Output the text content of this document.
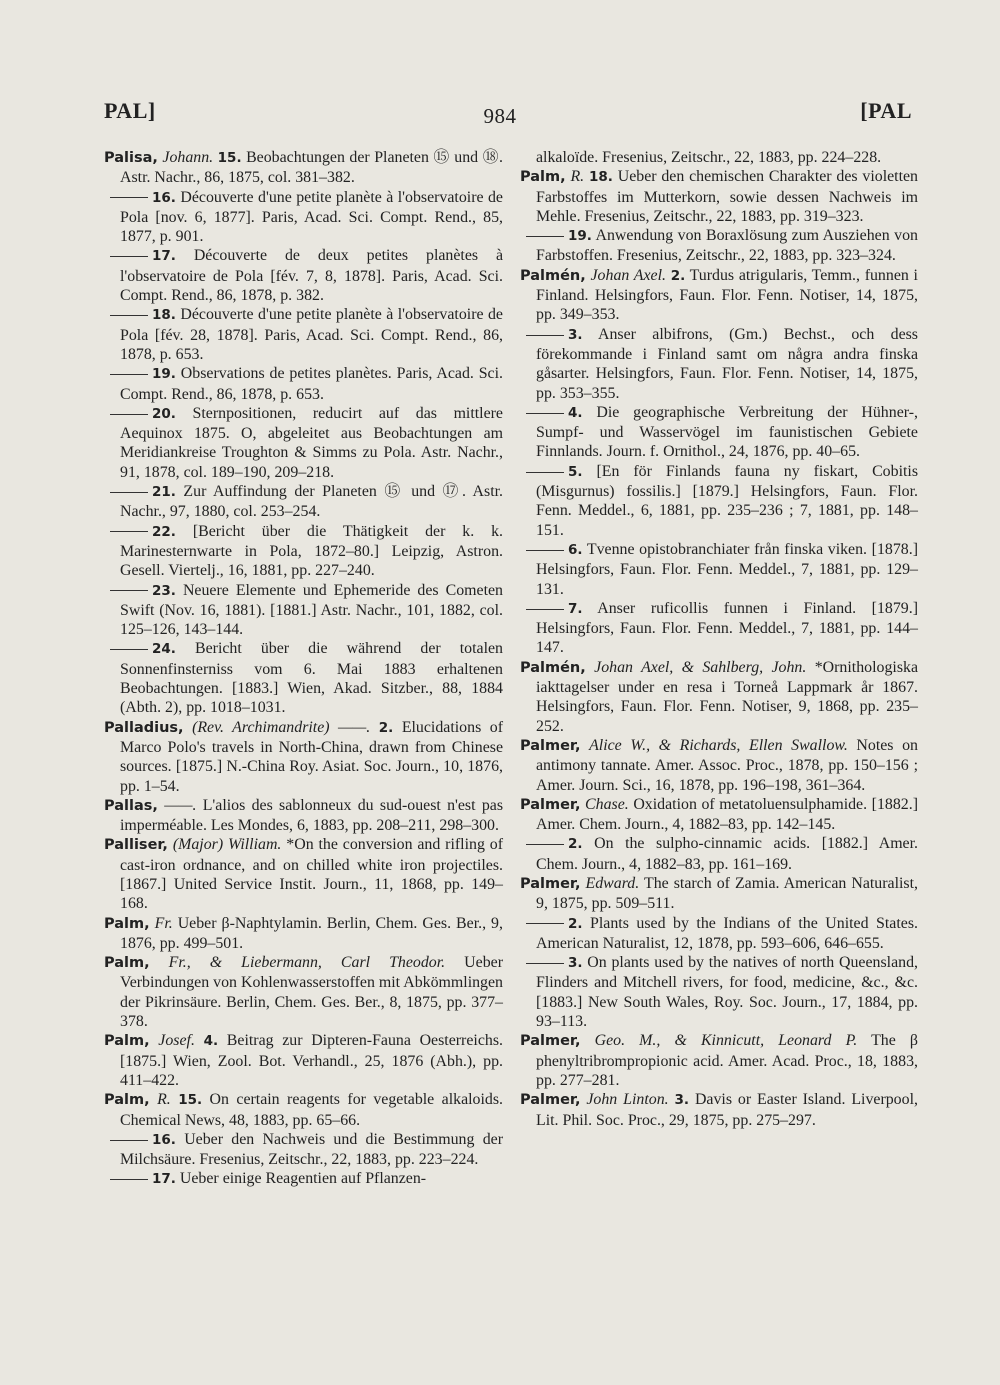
PAL]	984	[PAL

Palisa, Johann. 15. Beobachtungen der Planeten ⑮ und ⑱. Astr. Nachr., 86, 1875, col. 381–382.

16. Découverte d'une petite planète à l'observatoire de Pola [nov. 6, 1877]. Paris, Acad. Sci. Compt. Rend., 85, 1877, p. 901.

17. Découverte de deux petites planètes à l'observatoire de Pola [fév. 7, 8, 1878]. Paris, Acad. Sci. Compt. Rend., 86, 1878, p. 382.

18. Découverte d'une petite planète à l'observatoire de Pola [fév. 28, 1878]. Paris, Acad. Sci. Compt. Rend., 86, 1878, p. 653.

19. Observations de petites planètes. Paris, Acad. Sci. Compt. Rend., 86, 1878, p. 653.

20. Sternpositionen, reducirt auf das mittlere Aequinox 1875. O, abgeleitet aus Beobachtungen am Meridiankreise Troughton & Simms zu Pola. Astr. Nachr., 91, 1878, col. 189–190, 209–218.

21. Zur Auffindung der Planeten ⑮ und ⑰. Astr. Nachr., 97, 1880, col. 253–254.

22. [Bericht über die Thätigkeit der k. k. Marinesternwarte in Pola, 1872–80.] Leipzig, Astron. Gesell. Viertelj., 16, 1881, pp. 227–240.

23. Neuere Elemente und Ephemeride des Cometen Swift (Nov. 16, 1881). [1881.] Astr. Nachr., 101, 1882, col. 125–126, 143–144.

24. Bericht über die während der totalen Sonnenfinsterniss vom 6. Mai 1883 erhaltenen Beobachtungen. [1883.] Wien, Akad. Sitzber., 88, 1884 (Abth. 2), pp. 1018–1031.

Palladius, (Rev. Archimandrite) ——. 2. Elucidations of Marco Polo's travels in North-China, drawn from Chinese sources. [1875.] N.-China Roy. Asiat. Soc. Journ., 10, 1876, pp. 1–54.

Pallas, ——. L'alios des sablonneux du sud-ouest n'est pas imperméable. Les Mondes, 6, 1883, pp. 208–211, 298–300.

Palliser, (Major) William. *On the conversion and rifling of cast-iron ordnance, and on chilled white iron projectiles. [1867.] United Service Instit. Journ., 11, 1868, pp. 149–168.

Palm, Fr. Ueber β-Naphtylamin. Berlin, Chem. Ges. Ber., 9, 1876, pp. 499–501.

Palm, Fr., & Liebermann, Carl Theodor. Ueber Verbindungen von Kohlenwasserstoffen mit Abkömmlingen der Pikrinsäure. Berlin, Chem. Ges. Ber., 8, 1875, pp. 377–378.

Palm, Josef. 4. Beitrag zur Dipteren-Fauna Oesterreichs. [1875.] Wien, Zool. Bot. Verhandl., 25, 1876 (Abh.), pp. 411–422.

Palm, R. 15. On certain reagents for vegetable alkaloids. Chemical News, 48, 1883, pp. 65–66.

16. Ueber den Nachweis und die Bestimmung der Milchsäure. Fresenius, Zeitschr., 22, 1883, pp. 223–224.

17. Ueber einige Reagentien auf Pflanzen-

alkaloïde. Fresenius, Zeitschr., 22, 1883, pp. 224–228.

Palm, R. 18. Ueber den chemischen Charakter des violetten Farbstoffes im Mutterkorn, sowie dessen Nachweis im Mehle. Fresenius, Zeitschr., 22, 1883, pp. 319–323.

19. Anwendung von Boraxlösung zum Ausziehen von Farbstoffen. Fresenius, Zeitschr., 22, 1883, pp. 323–324.

Palmén, Johan Axel. 2. Turdus atrigularis, Temm., funnen i Finland. Helsingfors, Faun. Flor. Fenn. Notiser, 14, 1875, pp. 349–353.

3. Anser albifrons, (Gm.) Bechst., och dess förekommande i Finland samt om några andra finska gåsarter. Helsingfors, Faun. Flor. Fenn. Notiser, 14, 1875, pp. 353–355.

4. Die geographische Verbreitung der Hühner-, Sumpf- und Wasservögel im faunistischen Gebiete Finnlands. Journ. f. Ornithol., 24, 1876, pp. 40–65.

5. [En för Finlands fauna ny fiskart, Cobitis (Misgurnus) fossilis.] [1879.] Helsingfors, Faun. Flor. Fenn. Meddel., 6, 1881, pp. 235–236 ; 7, 1881, pp. 148–151.

6. Tvenne opistobranchiater från finska viken. [1878.] Helsingfors, Faun. Flor. Fenn. Meddel., 7, 1881, pp. 129–131.

7. Anser ruficollis funnen i Finland. [1879.] Helsingfors, Faun. Flor. Fenn. Meddel., 7, 1881, pp. 144–147.

Palmén, Johan Axel, & Sahlberg, John. *Ornithologiska iakttagelser under en resa i Torneå Lappmark år 1867. Helsingfors, Faun. Flor. Fenn. Notiser, 9, 1868, pp. 235–252.

Palmer, Alice W., & Richards, Ellen Swallow. Notes on antimony tannate. Amer. Assoc. Proc., 1878, pp. 150–156 ; Amer. Journ. Sci., 16, 1878, pp. 196–198, 361–364.

Palmer, Chase. Oxidation of metatoluensulphamide. [1882.] Amer. Chem. Journ., 4, 1882–83, pp. 142–145.

2. On the sulpho-cinnamic acids. [1882.] Amer. Chem. Journ., 4, 1882–83, pp. 161–169.

Palmer, Edward. The starch of Zamia. American Naturalist, 9, 1875, pp. 509–511.

2. Plants used by the Indians of the United States. American Naturalist, 12, 1878, pp. 593–606, 646–655.

3. On plants used by the natives of north Queensland, Flinders and Mitchell rivers, for food, medicine, &c., &c. [1883.] New South Wales, Roy. Soc. Journ., 17, 1884, pp. 93–113.

Palmer, Geo. M., & Kinnicutt, Leonard P. The β phenyltribrompropionic acid. Amer. Acad. Proc., 18, 1883, pp. 277–281.

Palmer, John Linton. 3. Davis or Easter Island. Liverpool, Lit. Phil. Soc. Proc., 29, 1875, pp. 275–297.
